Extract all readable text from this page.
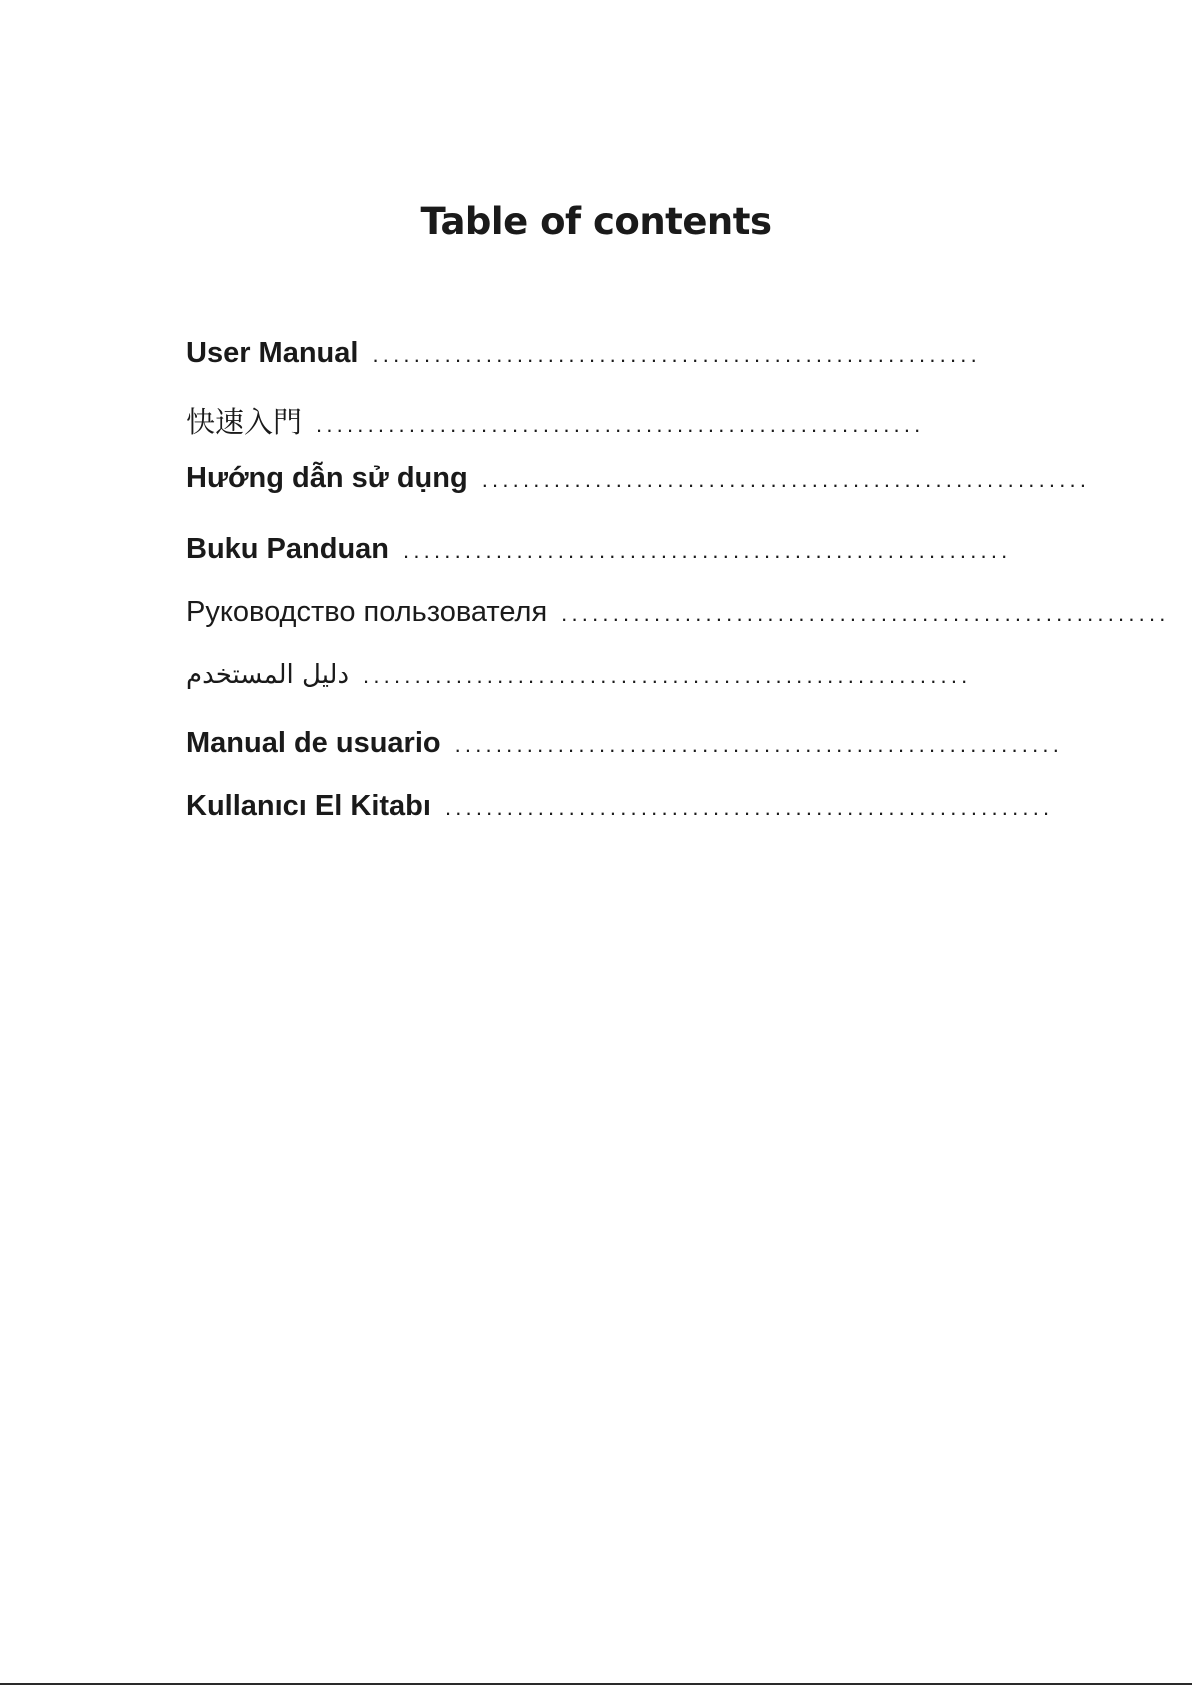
Table of contents
User Manual ...........................................................
快速入門 ...........................................................
Hướng dẫn sử dụng ...........................................................
Buku Panduan ...........................................................
Руководство пользователя ...........................................................
دليل المستخدم ...........................................................
Manual de usuario ...........................................................
Kullanıcı El Kitabı ...........................................................
